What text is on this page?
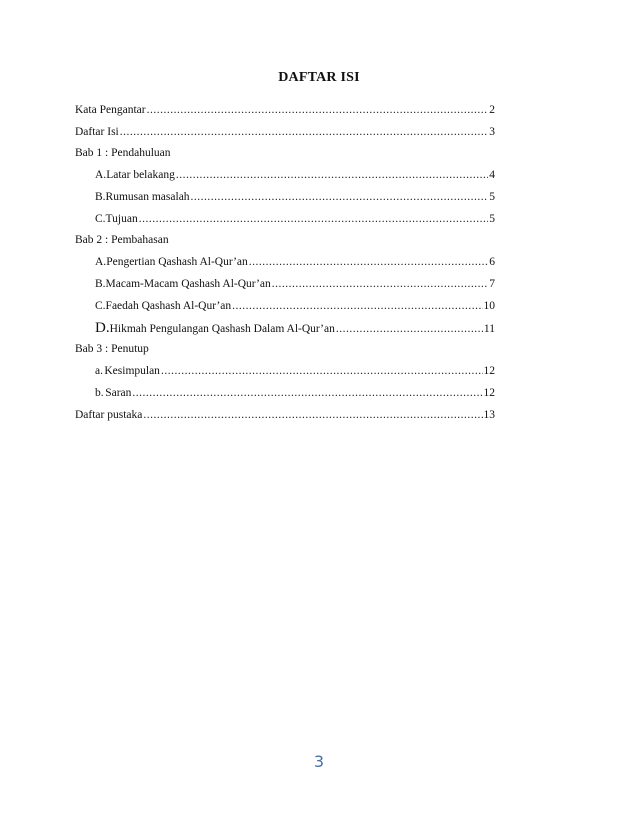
DAFTAR ISI
Kata Pengantar .....	2
Daftar Isi .....	3
Bab 1 : Pendahuluan
A. Latar belakang .....	4
B. Rumusan masalah .....	5
C. Tujuan .....	5
Bab 2 : Pembahasan
A. Pengertian Qashash Al-Qur’an .....	6
B. Macam-Macam Qashash Al-Qur’an .....	7
C. Faedah Qashash Al-Qur’an .....	10
D. Hikmah Pengulangan Qashash Dalam Al-Qur’an .....	11
Bab 3 : Penutup
a. Kesimpulan .....	12
b. Saran .....	12
Daftar pustaka .....	13
3
